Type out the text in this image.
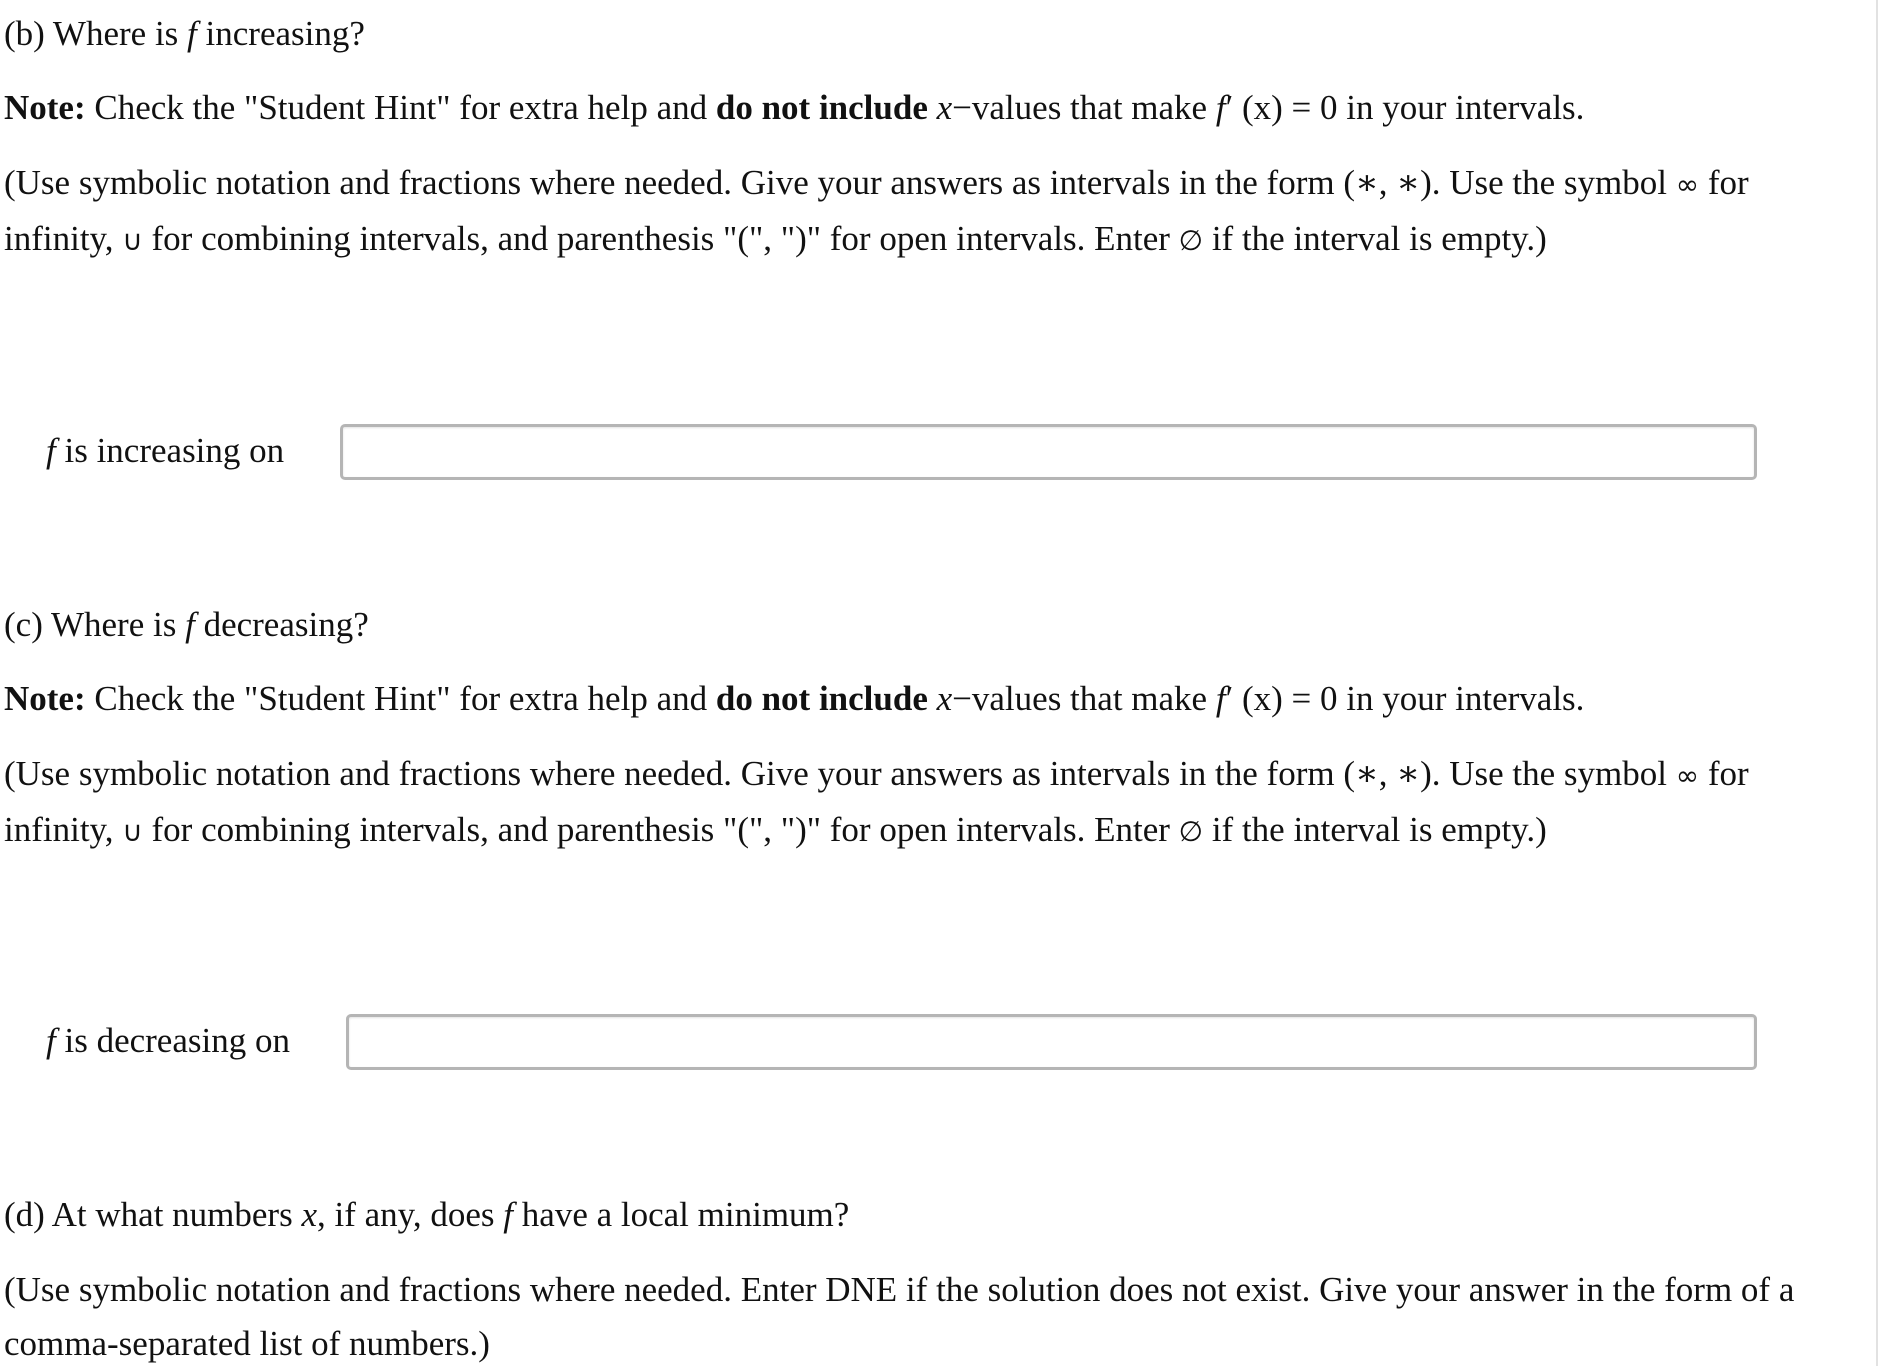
(b) Where is f increasing?
Note: Check the "Student Hint" for extra help and do not include x−values that make f′ (x) = 0 in your intervals.
(Use symbolic notation and fractions where needed. Give your answers as intervals in the form (∗, ∗). Use the symbol ∞ for infinity, ∪ for combining intervals, and parenthesis "(", ")" for open intervals. Enter ∅ if the interval is empty.)
f is increasing on
(c) Where is f decreasing?
Note: Check the "Student Hint" for extra help and do not include x−values that make f′ (x) = 0 in your intervals.
(Use symbolic notation and fractions where needed. Give your answers as intervals in the form (∗, ∗). Use the symbol ∞ for infinity, ∪ for combining intervals, and parenthesis "(", ")" for open intervals. Enter ∅ if the interval is empty.)
f is decreasing on
(d) At what numbers x, if any, does f have a local minimum?
(Use symbolic notation and fractions where needed. Enter DNE if the solution does not exist. Give your answer in the form of a comma-separated list of numbers.)
